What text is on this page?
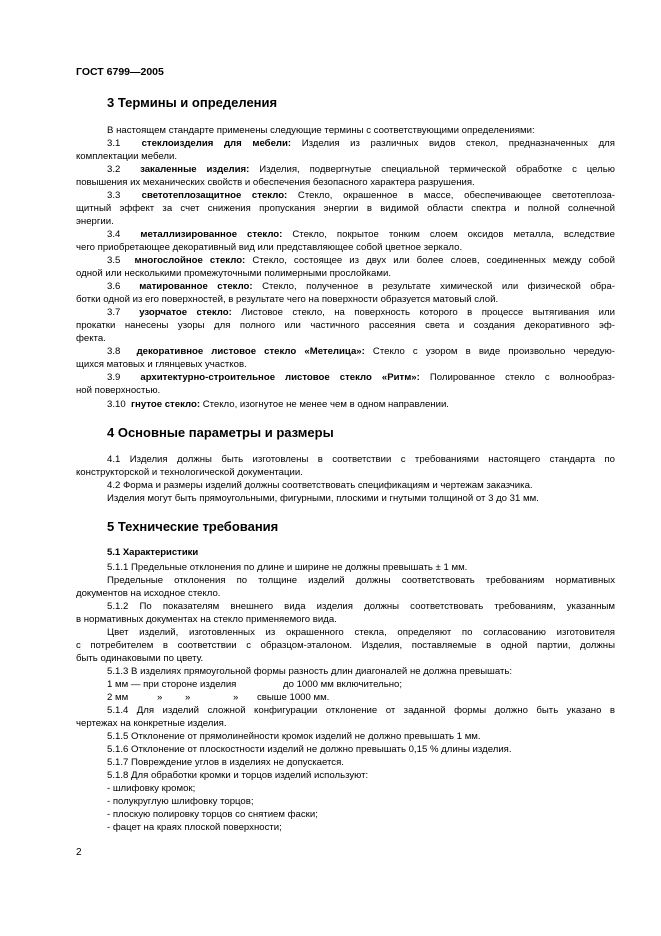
ГОСТ 6799—2005
3 Термины и определения
В настоящем стандарте применены следующие термины с соответствующими определениями:
3.1 стеклоизделия для мебели: Изделия из различных видов стекол, предназначенных для
комплектации мебели.
3.2 закаленные изделия: Изделия, подвергнутые специальной термической обработке с целью
повышения их механических свойств и обеспечения безопасного характера разрушения.
3.3 светотеплозащитное стекло: Стекло, окрашенное в массе, обеспечивающее светотеплоза-
щитный эффект за счет снижения пропускания энергии в видимой области спектра и полной солнечной
энергии.
3.4 металлизированное стекло: Стекло, покрытое тонким слоем оксидов металла, вследствие
чего приобретающее декоративный вид или представляющее собой цветное зеркало.
3.5 многослойное стекло: Стекло, состоящее из двух или более слоев, соединенных между собой
одной или несколькими промежуточными полимерными прослойками.
3.6 матированное стекло: Стекло, полученное в результате химической или физической обра-
ботки одной из его поверхностей, в результате чего на поверхности образуется матовый слой.
3.7 узорчатое стекло: Листовое стекло, на поверхность которого в процессе вытягивания или
прокатки нанесены узоры для полного или частичного рассеяния света и создания декоративного эф-
фекта.
3.8 декоративное листовое стекло «Метелица»: Стекло с узором в виде произвольно чередую-
щихся матовых и глянцевых участков.
3.9 архитектурно-строительное листовое стекло «Ритм»: Полированное стекло с волнообраз-
ной поверхностью.
3.10 гнутое стекло: Стекло, изогнутое не менее чем в одном направлении.
4 Основные параметры и размеры
4.1 Изделия должны быть изготовлены в соответствии с требованиями настоящего стандарта по
конструкторской и технологической документации.
4.2 Форма и размеры изделий должны соответствовать спецификациям и чертежам заказчика.
Изделия могут быть прямоугольными, фигурными, плоскими и гнутыми толщиной от 3 до 31 мм.
5 Технические требования
5.1 Характеристики
5.1.1 Предельные отклонения по длине и ширине не должны превышать ± 1 мм.
Предельные отклонения по толщине изделий должны соответствовать требованиям нормативных
документов на исходное стекло.
5.1.2 По показателям внешнего вида изделия должны соответствовать требованиям, указанным
в нормативных документах на стекло применяемого вида.
Цвет изделий, изготовленных из окрашенного стекла, определяют по согласованию изготовителя
с потребителем в соответствии с образцом-эталоном. Изделия, поставляемые в одной партии, должны
быть одинаковыми по цвету.
5.1.3 В изделиях прямоугольной формы разность длин диагоналей не должна превышать:
1 мм — при стороне изделия	до 1000 мм включительно;
2 мм	» »	» свыше 1000 мм.
5.1.4 Для изделий сложной конфигурации отклонение от заданной формы должно быть указано в
чертежах на конкретные изделия.
5.1.5 Отклонение от прямолинейности кромок изделий не должно превышать 1 мм.
5.1.6 Отклонение от плоскостности изделий не должно превышать 0,15 % длины изделия.
5.1.7 Повреждение углов в изделиях не допускается.
5.1.8 Для обработки кромки и торцов изделий используют:
- шлифовку кромок;
- полукруглую шлифовку торцов;
- плоскую полировку торцов со снятием фаски;
- фацет на краях плоской поверхности;
2
